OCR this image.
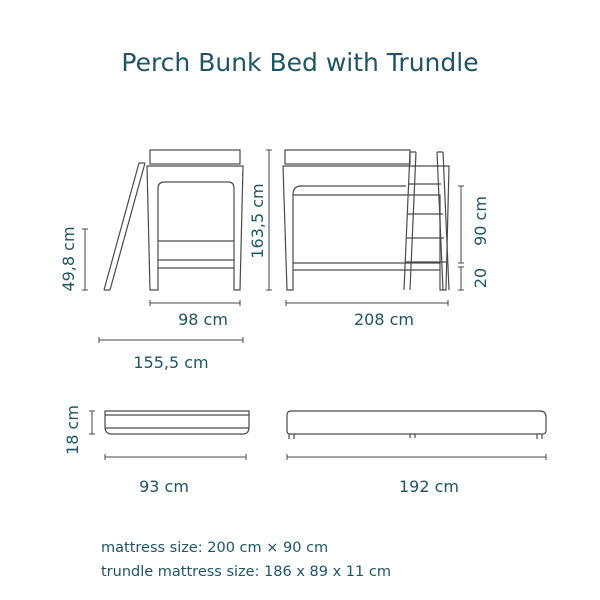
Perch Bunk Bed with Trundle
98 cm	208 cm
155,5 cm
49,8 cm
163,5 cm	90 cm
20
18 cm
93 cm	192 cm
mattress size: 200 cm × 90 cm
trundle mattress size: 186 x 89 x 11 cm
